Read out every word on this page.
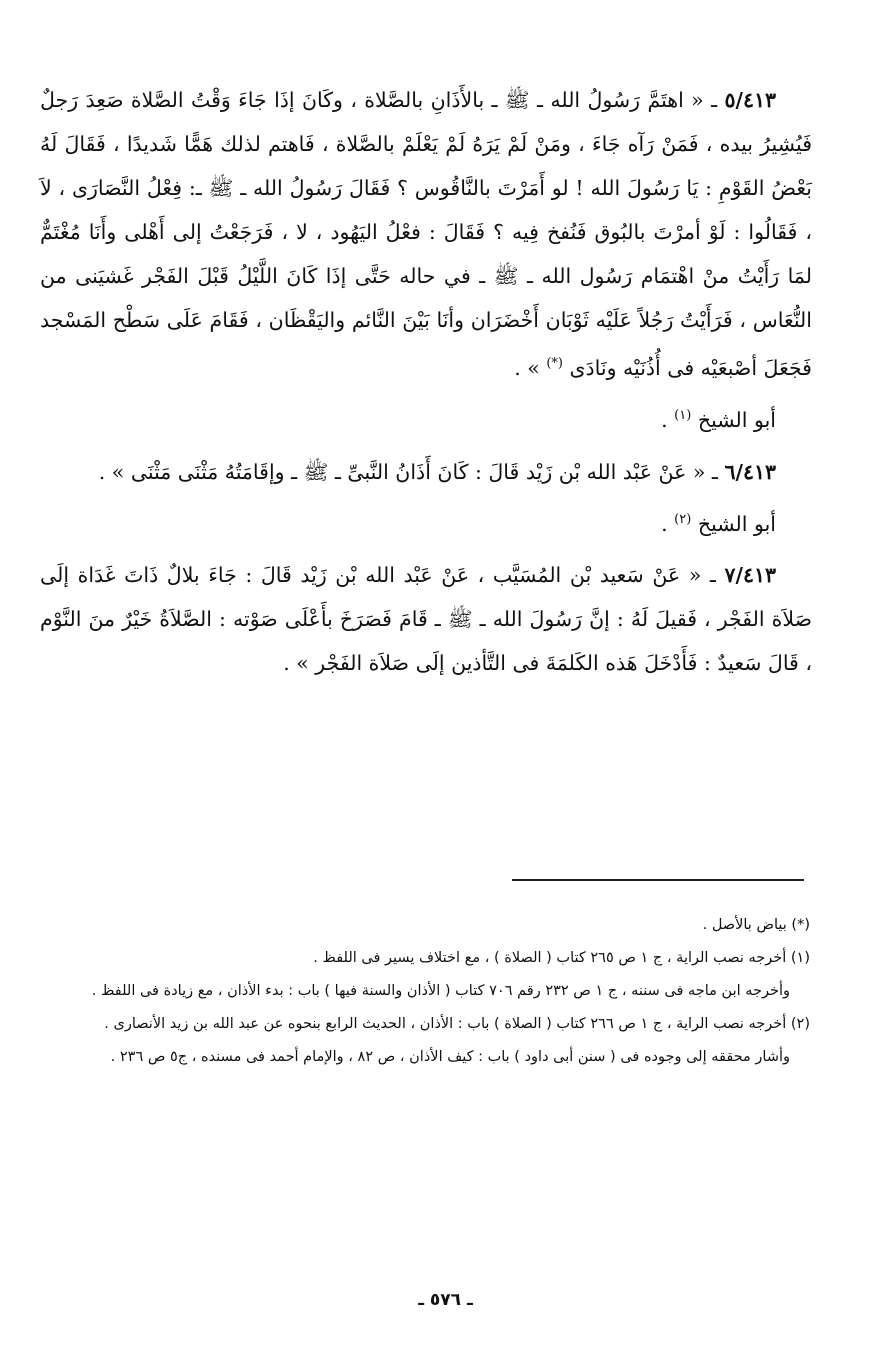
٥/٤١٣ ـ « اهتَمَّ رَسُولُ الله ـ ﷺ ـ بالأَذَانِ بالصَّلاة ، وكَانَ إذَا جَاءَ وَقْتُ الصَّلاة صَعِدَ رَجلٌ فَيُشِيرُ بيده ، فَمَنْ رَآه جَاءَ ، ومَنْ لَمْ يَرَهُ لَمْ يَعْلَمْ بالصَّلاة ، فَاهتم لذلك هَمًّا شَديدًا ، فَقَالَ لَهُ بَعْضُ القَوْمِ : يَا رَسُولَ الله ! لو أَمَرْتَ بالنَّاقُوس ؟ فَقَالَ رَسُولُ الله ـ ﷺ ـ: فِعْلُ النَّصَارَى ، لاَ ، فَقَالُوا : لَوْ أمرْتَ بالبُوق فَنُفخ فِيه ؟ فَقَالَ : فعْلُ اليَهُود ، لا ، فَرَجَعْتُ إلى أَهْلى وأَنَا مُغْتَمٌّ لمَا رَأَيْتُ منْ اهْتمَام رَسُول الله ـ ﷺ ـ في حاله حَتَّى إذَا كَانَ اللَّيْلُ قَبْلَ الفَجْر غَشيَنى من النُّعَاس ، فَرَأَيْتُ رَجُلاً عَلَيْه ثَوْبَان أَخْضَرَان وأنَا بَيْنَ النَّائم واليَقْظَان ، فَقَامَ عَلَى سَطْح المَسْجد فَجَعَلَ أصْبعَيْه فى أُذُنَيْه ونَادَى (*) » .

أبو الشيخ $^{(١)}$ .

٦/٤١٣ ـ « عَنْ عَبْد الله بْن زَيْد قَالَ : كَانَ أَذَانُ النَّبىِّ ـ ﷺ ـ وإقَامَتُهُ مَثْنَى مَثْنَى » .

أبو الشيخ $^{(٢)}$ .

٧/٤١٣ ـ « عَنْ سَعيد بْن المُسَيَّب ، عَنْ عَبْد الله بْن زَيْد قَالَ : جَاءَ بلالٌ ذَاتَ غَدَاة إلَى صَلاَة الفَجْر ، فَقيلَ لَهُ : إنَّ رَسُولَ الله ـ ﷺ ـ قَامَ فَصَرَخَ بأَعْلَى صَوْته : الصَّلاَةُ خَيْرٌ منَ النَّوْم ، قَالَ سَعيدٌ : فَأَدْخَلَ هَذه الكَلمَةَ فى التَّأذين إلَى صَلاَة الفَجْر » .

(*) بياض بالأصل .

(١) أخرجه نصب الراية ، ج ١ ص ٢٦٥ كتاب ( الصلاة ) ، مع اختلاف يسير فى اللفظ .

وأخرجه ابن ماجه فى سننه ، ج ١ ص ٢٣٢ رقم ٧٠٦ كتاب ( الأذان والسنة فيها ) باب : بدء الأذان ، مع زيادة فى اللفظ .

(٢) أخرجه نصب الراية ، ج ١ ص ٢٦٦ كتاب ( الصلاة ) باب : الأذان ، الحديث الرابع بنحوه عن عبد الله بن زيد الأنصارى .

وأشار محققه إلى وجوده فى ( سنن أبى داود ) باب : كيف الأذان ، ص ٨٢ ، والإمام أحمد فى مسنده ، ج٥ ص ٢٣٦ .

ـ ٥٧٦ ـ
